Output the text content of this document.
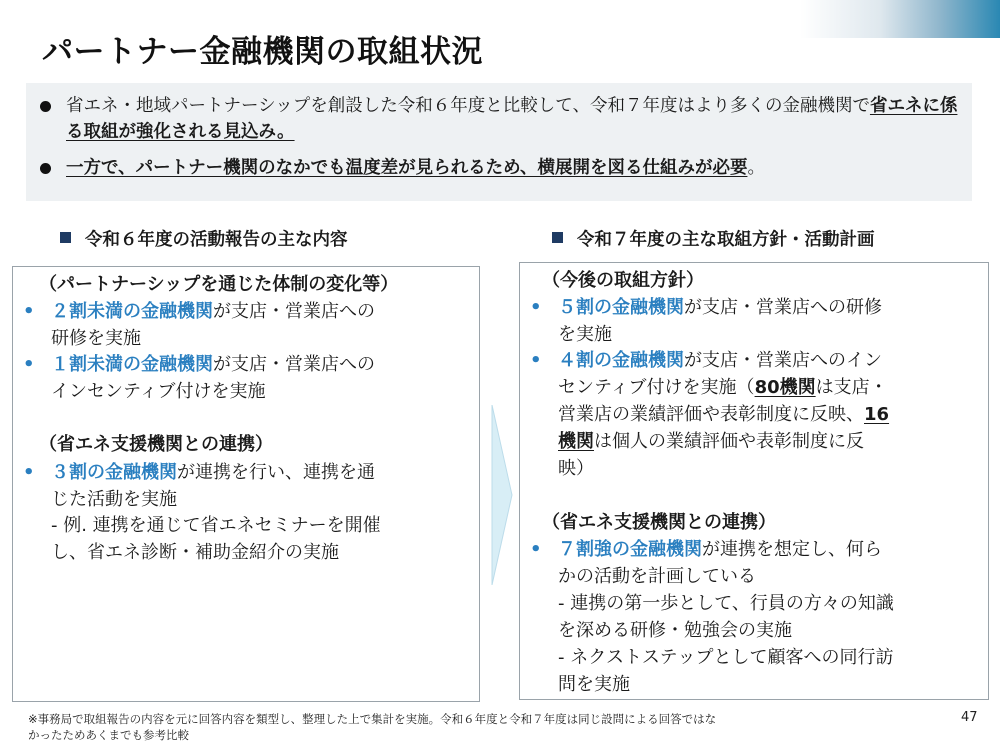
パートナー金融機関の取組状況
省エネ・地域パートナーシップを創設した令和６年度と比較して、令和７年度はより多くの金融機関で省エネに係る取組が強化される見込み。
一方で、パートナー機関のなかでも温度差が見られるため、横展開を図る仕組みが必要。
令和６年度の活動報告の主な内容	令和７年度の主な取組方針・活動計画
（パートナーシップを通じた体制の変化等）
• ２割未満の金融機関が支店・営業店への
研修を実施
• １割未満の金融機関が支店・営業店への
インセンティブ付けを実施
（省エネ支援機関との連携）
• ３割の金融機関が連携を行い、連携を通
じた活動を実施
- 例. 連携を通じて省エネセミナーを開催
し、省エネ診断・補助金紹介の実施
（今後の取組方針）
• ５割の金融機関が支店・営業店への研修
を実施
• ４割の金融機関が支店・営業店へのイン
センティブ付けを実施（80機関は支店・
営業店の業績評価や表彰制度に反映、16
機関は個人の業績評価や表彰制度に反
映）
（省エネ支援機関との連携）
• ７割強の金融機関が連携を想定し、何ら
かの活動を計画している
- 連携の第一歩として、行員の方々の知識
を深める研修・勉強会の実施
- ネクストステップとして顧客への同行訪
問を実施
※事務局で取組報告の内容を元に回答内容を類型し、整理した上で集計を実施。令和６年度と令和７年度は同じ設問による回答ではな
かったためあくまでも参考比較
47
